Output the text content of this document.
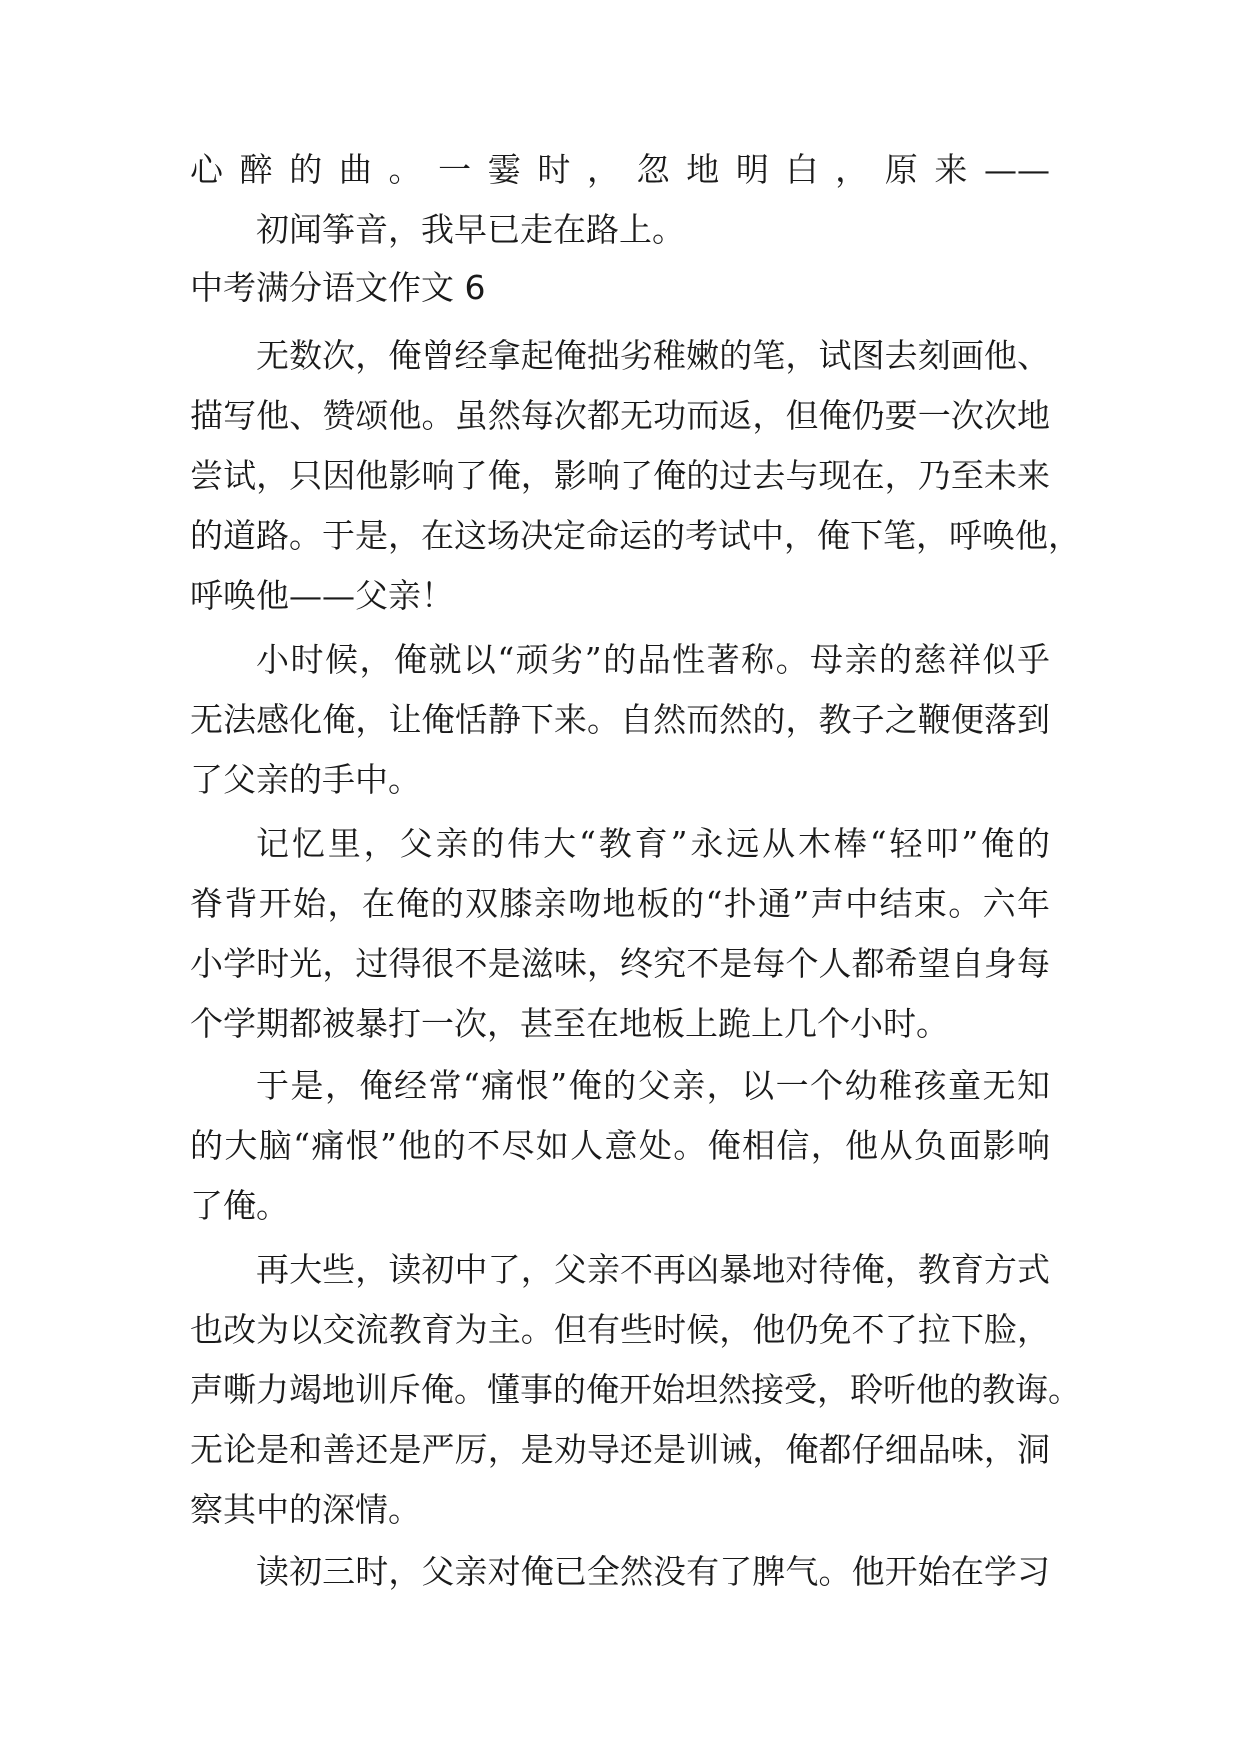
心醉的曲。一霎时，忽地明白，原来——
初闻筝音，我早已走在路上。
中考满分语文作文 6
无数次，俺曾经拿起俺拙劣稚嫩的笔，试图去刻画他、
描写他、赞颂他。虽然每次都无功而返，但俺仍要一次次地
尝试，只因他影响了俺，影响了俺的过去与现在，乃至未来
的道路。于是，在这场决定命运的考试中，俺下笔，呼唤他，
呼唤他——父亲！
小时候，俺就以“顽劣”的品性著称。母亲的慈祥似乎
无法感化俺，让俺恬静下来。自然而然的，教子之鞭便落到
了父亲的手中。
记忆里，父亲的伟大“教育”永远从木棒“轻叩”俺的
脊背开始，在俺的双膝亲吻地板的“扑通”声中结束。六年
小学时光，过得很不是滋味，终究不是每个人都希望自身每
个学期都被暴打一次，甚至在地板上跪上几个小时。
于是，俺经常“痛恨”俺的父亲，以一个幼稚孩童无知
的大脑“痛恨”他的不尽如人意处。俺相信，他从负面影响
了俺。
再大些，读初中了，父亲不再凶暴地对待俺，教育方式
也改为以交流教育为主。但有些时候，他仍免不了拉下脸，
声嘶力竭地训斥俺。懂事的俺开始坦然接受，聆听他的教诲。
无论是和善还是严厉，是劝导还是训诫，俺都仔细品味，洞
察其中的深情。
读初三时，父亲对俺已全然没有了脾气。他开始在学习
